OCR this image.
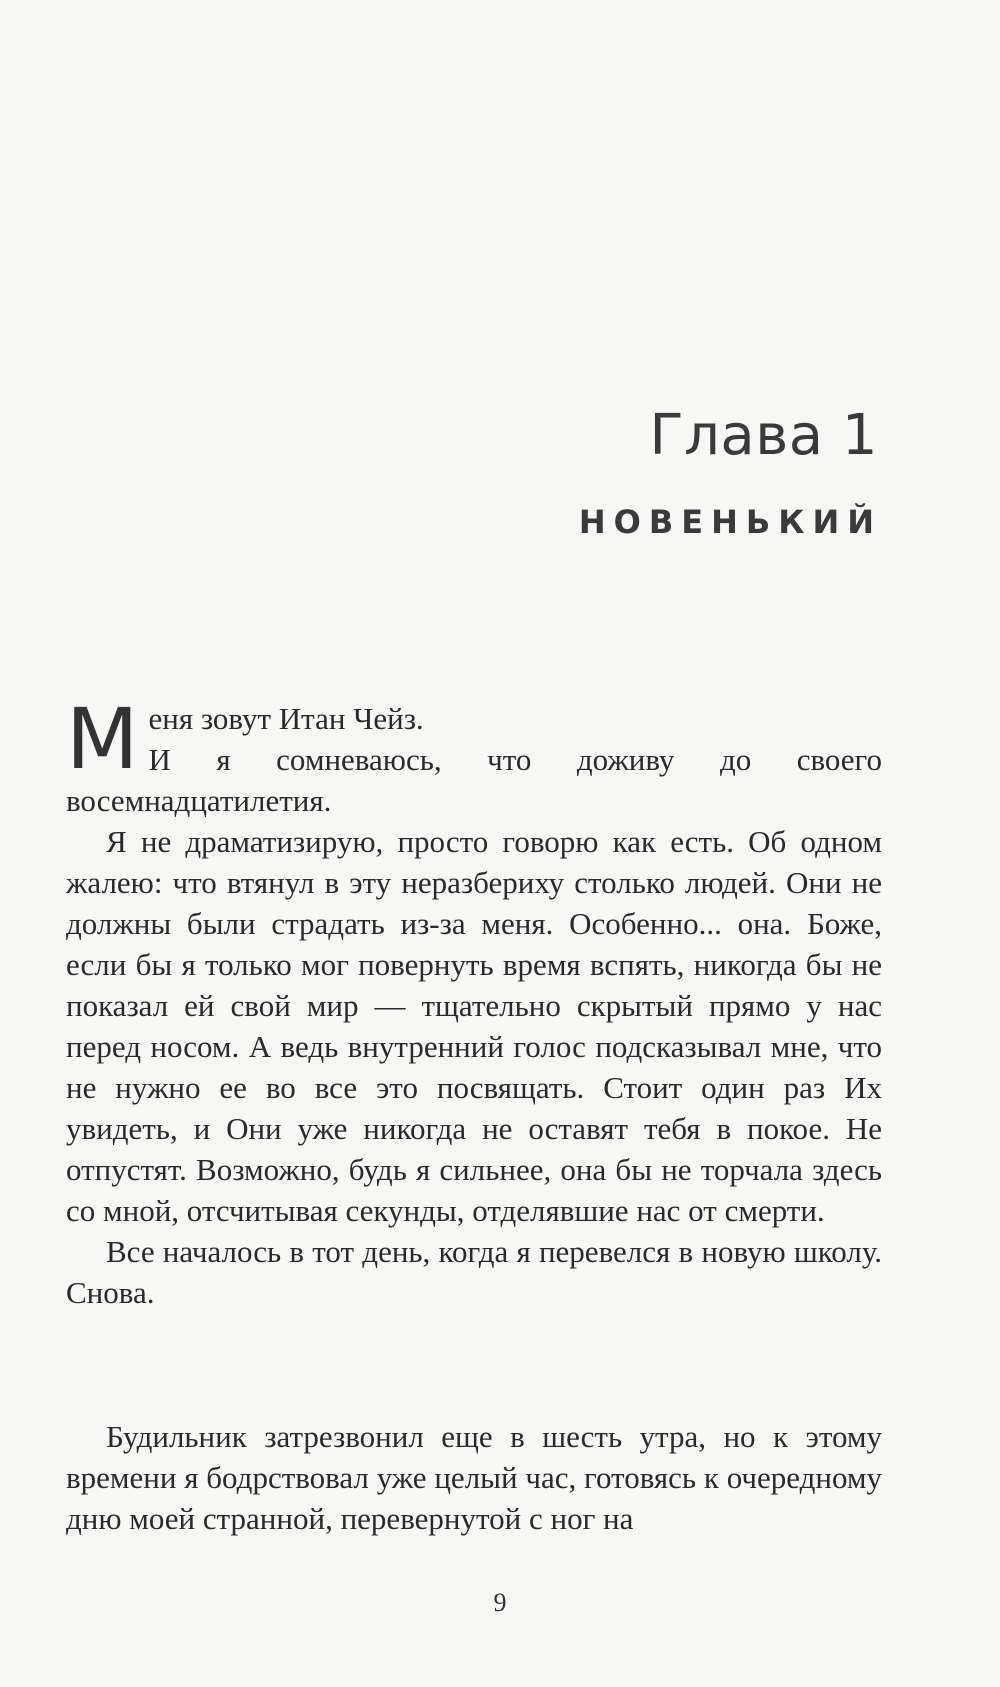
Глава 1
НОВЕНЬКИЙ

Меня зовут Итан Чейз.
И я сомневаюсь, что доживу до своего восемнадцатилетия.

Я не драматизирую, просто говорю как есть. Об одном жалею: что втянул в эту неразбериху столько людей. Они не должны были страдать из-за меня. Особенно... она. Боже, если бы я только мог повернуть время вспять, никогда бы не показал ей свой мир — тщательно скрытый прямо у нас перед носом. А ведь внутренний голос подсказывал мне, что не нужно ее во все это посвящать. Стоит один раз Их увидеть, и Они уже никогда не оставят тебя в покое. Не отпустят. Возможно, будь я сильнее, она бы не торчала здесь со мной, отсчитывая секунды, отделявшие нас от смерти.

Все началось в тот день, когда я перевелся в новую школу. Снова.

Будильник затрезвонил еще в шесть утра, но к этому времени я бодрствовал уже целый час, готовясь к очередному дню моей странной, перевернутой с ног на

9
